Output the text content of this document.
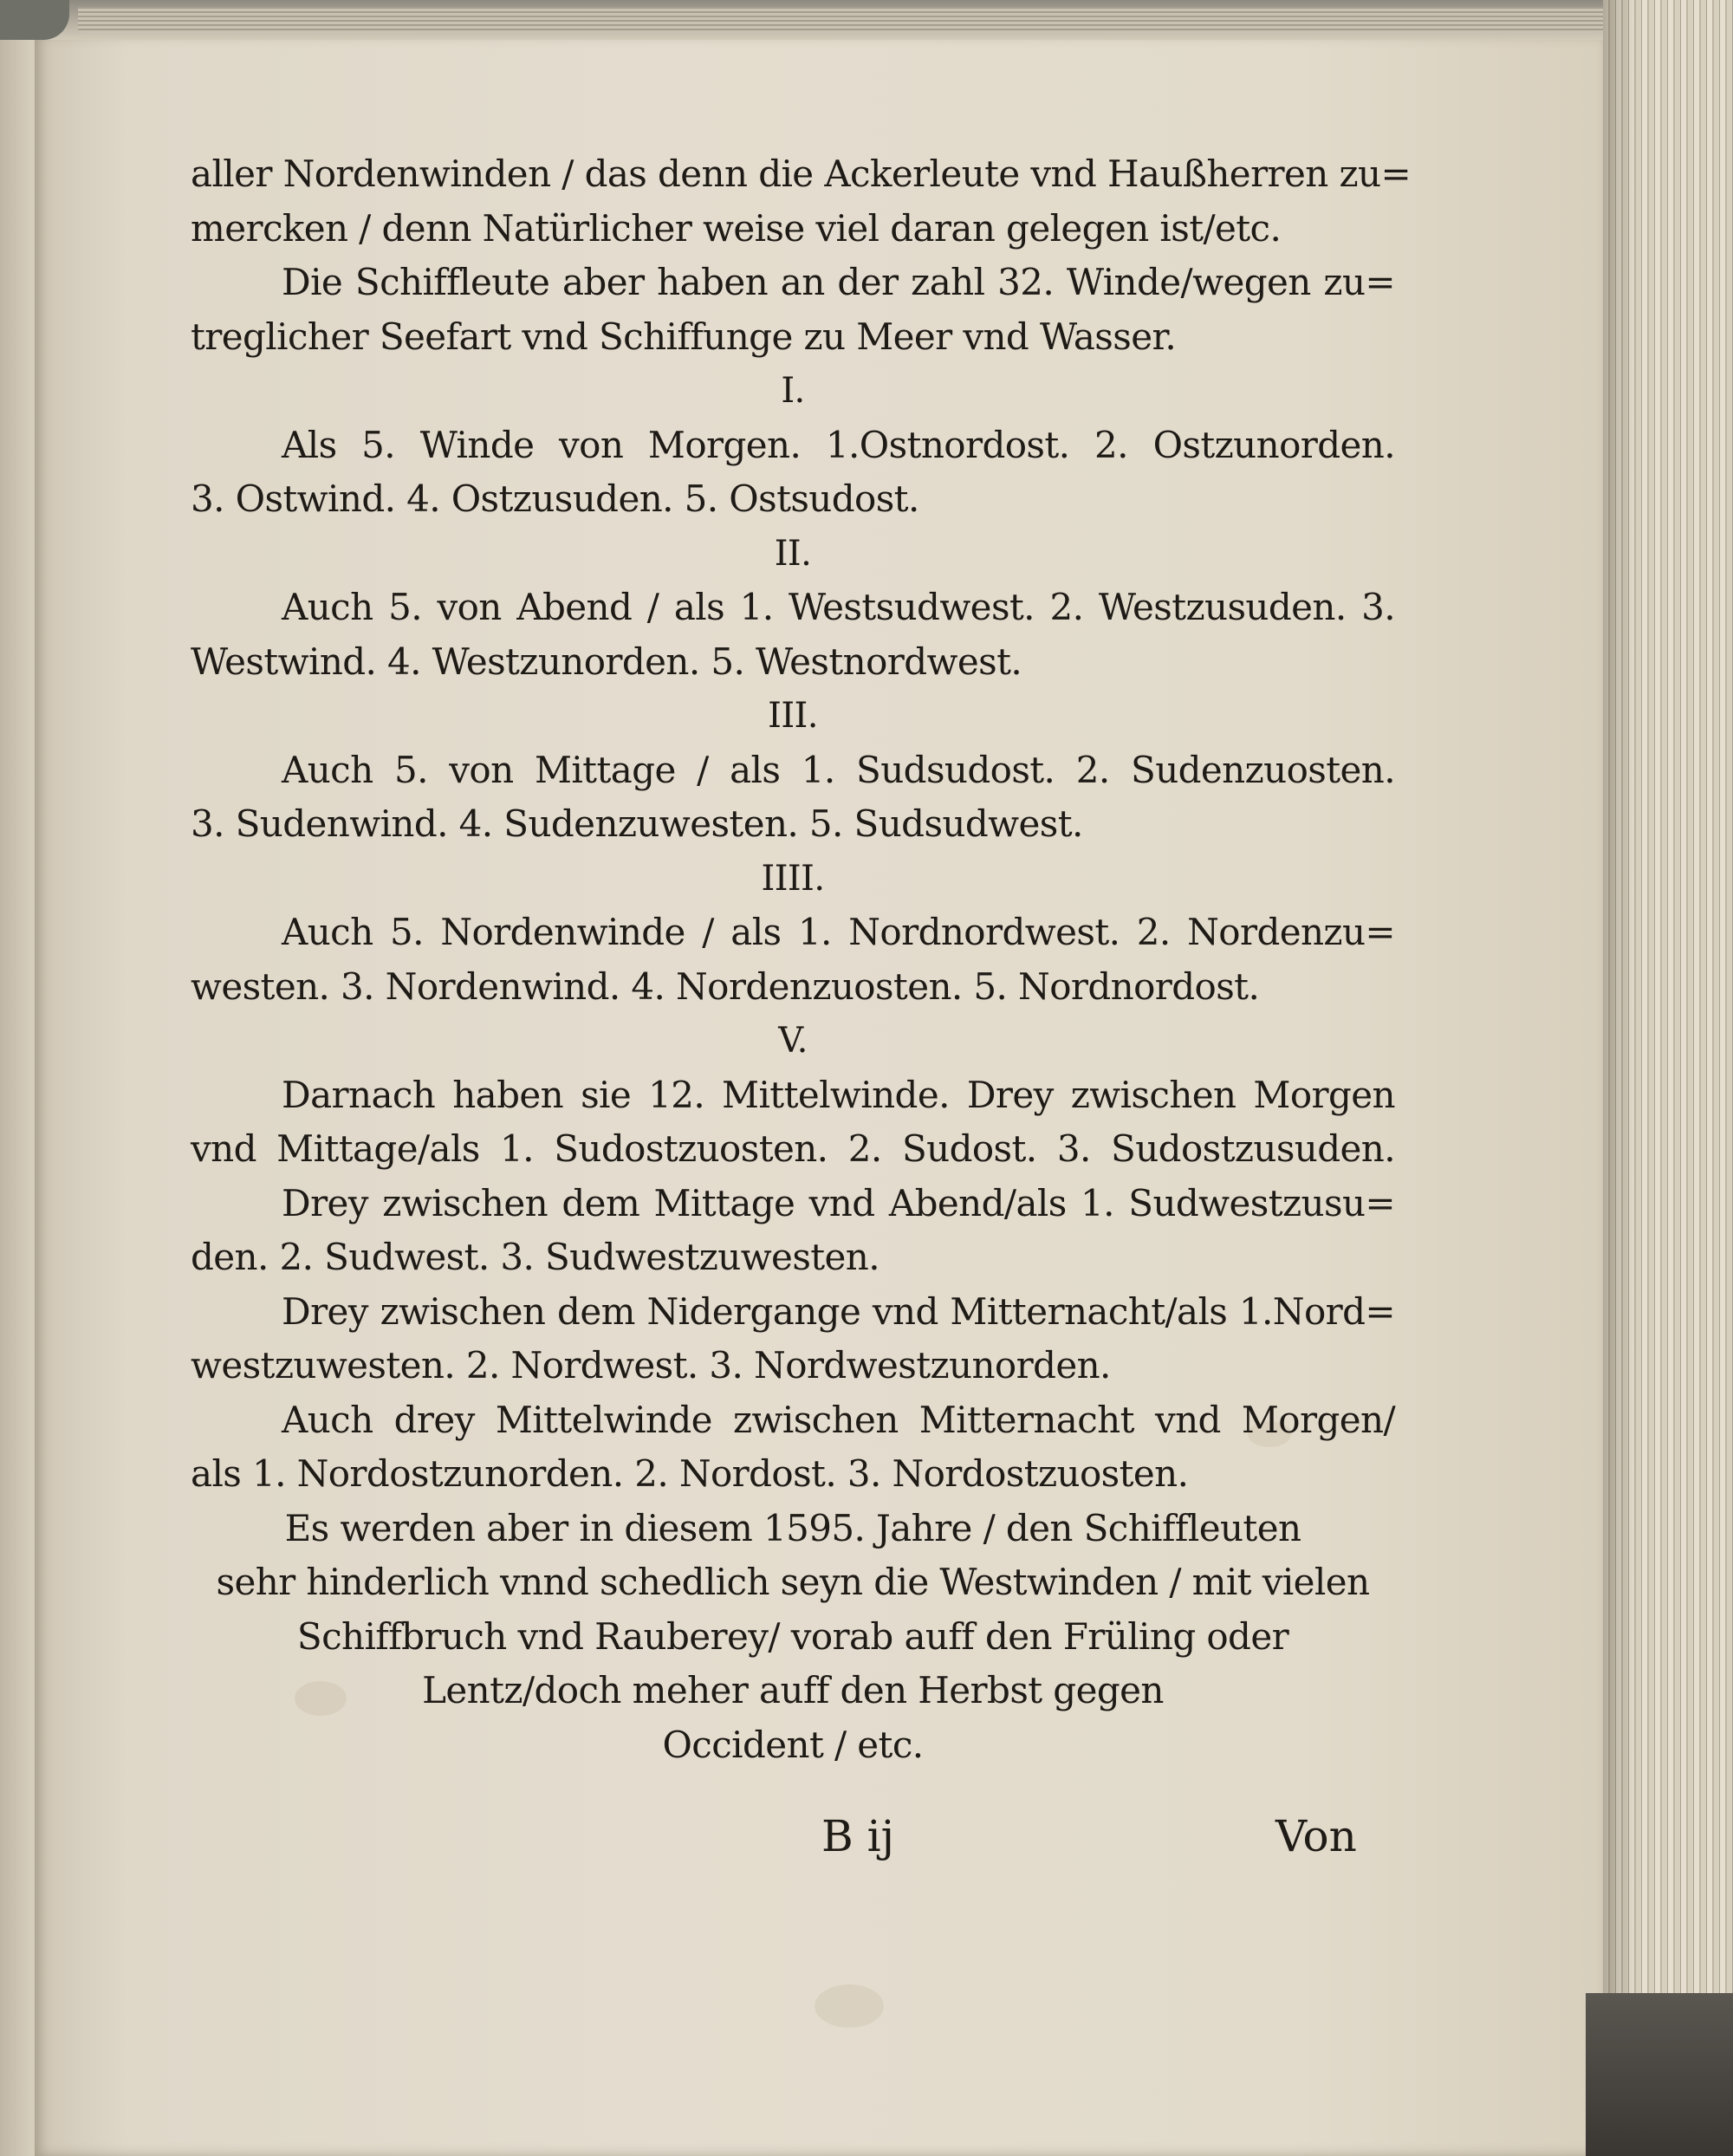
aller Nordenwinden / das denn die Ackerleute vnd Haußherren zu=
mercken / denn Natürlicher weise viel daran gelegen ist/etc.
Die Schiffleute aber haben an der zahl 32. Winde/wegen zu=
treglicher Seefart vnd Schiffunge zu Meer vnd Wasser.
I.
Als 5. Winde von Morgen. 1.Ostnordost. 2. Ostzunorden.
3. Ostwind. 4. Ostzusuden. 5. Ostsudost.
II.
Auch 5. von Abend / als 1. Westsudwest. 2. Westzusuden. 3.
Westwind. 4. Westzunorden. 5. Westnordwest.
III.
Auch 5. von Mittage / als 1. Sudsudost. 2. Sudenzuosten.
3. Sudenwind. 4. Sudenzuwesten. 5. Sudsudwest.
IIII.
Auch 5. Nordenwinde / als 1. Nordnordwest. 2. Nordenzu=
westen. 3. Nordenwind. 4. Nordenzuosten. 5. Nordnordost.
V.
Darnach haben sie 12. Mittelwinde. Drey zwischen Morgen
vnd Mittage/als 1. Sudostzuosten. 2. Sudost. 3. Sudostzusuden.
Drey zwischen dem Mittage vnd Abend/als 1. Sudwestzusu=
den. 2. Sudwest. 3. Sudwestzuwesten.
Drey zwischen dem Nidergange vnd Mitternacht/als 1.Nord=
westzuwesten. 2. Nordwest. 3. Nordwestzunorden.
Auch drey Mittelwinde zwischen Mitternacht vnd Morgen/
als 1. Nordostzunorden. 2. Nordost. 3. Nordostzuosten.
Es werden aber in diesem 1595. Jahre / den Schiffleuten
sehr hinderlich vnnd schedlich seyn die Westwinden / mit vielen
Schiffbruch vnd Rauberey/ vorab auff den Früling oder
Lentz/doch meher auff den Herbst gegen
Occident / etc.
B ij	Von
